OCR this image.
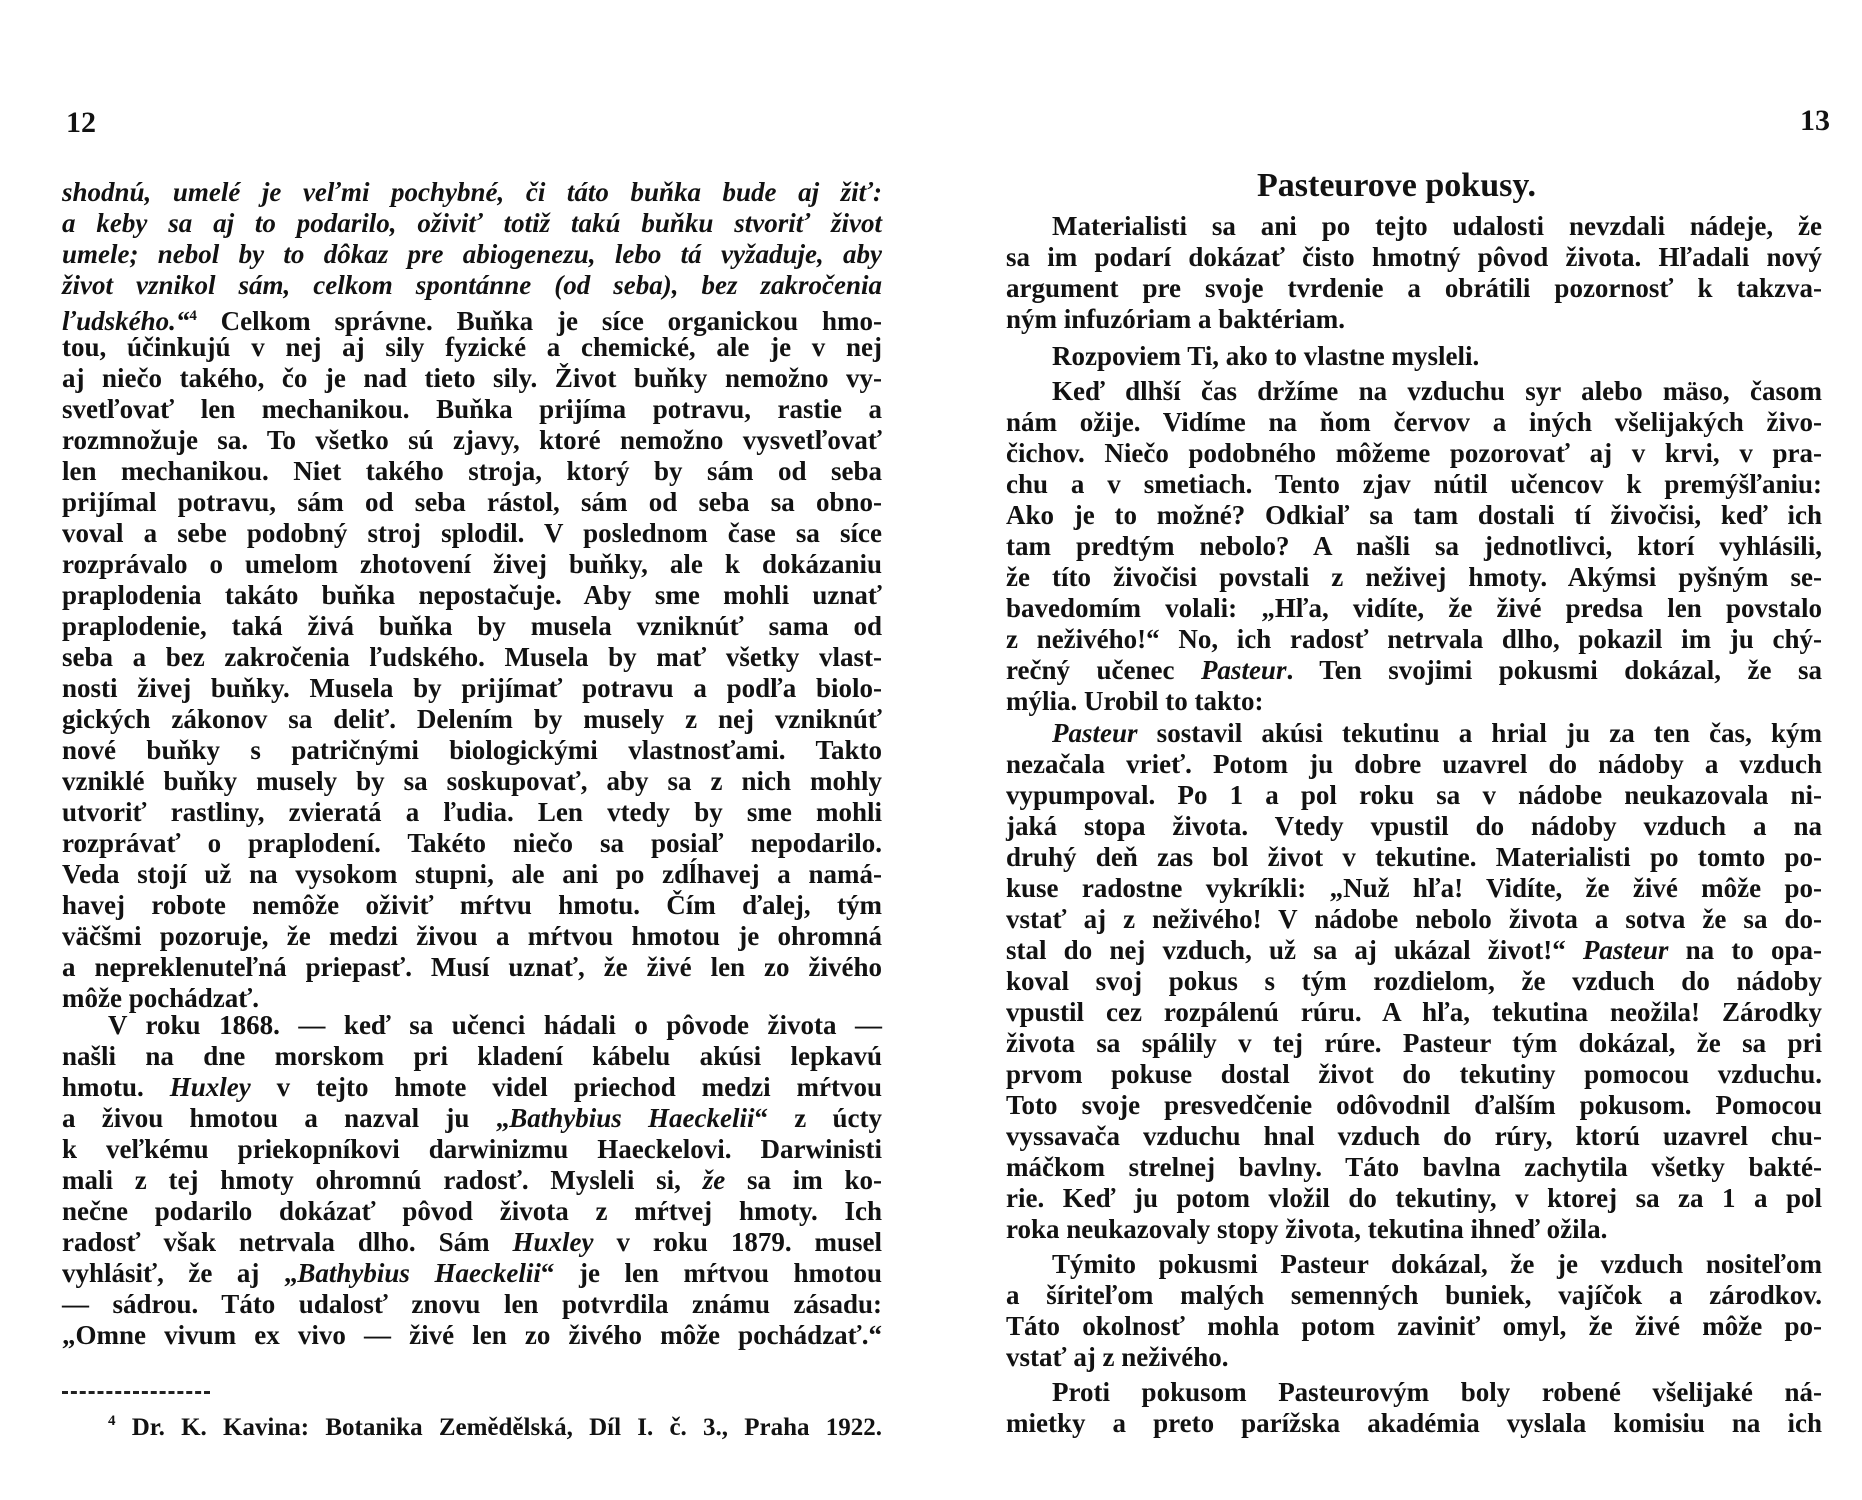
12
shodnú, umelé je veľmi pochybné, či táto buňka bude aj žiť:
a keby sa aj to podarilo, oživiť totiž takú buňku stvoriť život
umele; nebol by to dôkaz pre abiogenezu, lebo tá vyžaduje, aby
život vznikol sám, celkom spontánne (od seba), bez zakročenia
ľudského.“$^4$ Celkom správne. Buňka je síce organickou hmo-
tou, účinkujú v nej aj sily fyzické a chemické, ale je v nej
aj niečo takého, čo je nad tieto sily. Život buňky nemožno vy-
svetľovať len mechanikou. Buňka prijíma potravu, rastie a
rozmnožuje sa. To všetko sú zjavy, ktoré nemožno vysvetľovať
len mechanikou. Niet takého stroja, ktorý by sám od seba
prijímal potravu, sám od seba rástol, sám od seba sa obno-
voval a sebe podobný stroj splodil. V poslednom čase sa síce
rozprávalo o umelom zhotovení živej buňky, ale k dokázaniu
praplodenia takáto buňka nepostačuje. Aby sme mohli uznať
praplodenie, taká živá buňka by musela vzniknúť sama od
seba a bez zakročenia ľudského. Musela by mať všetky vlast-
nosti živej buňky. Musela by prijímať potravu a podľa biolo-
gických zákonov sa deliť. Delením by musely z nej vzniknúť
nové buňky s patričnými biologickými vlastnosťami. Takto
vzniklé buňky musely by sa soskupovať, aby sa z nich mohly
utvoriť rastliny, zvieratá a ľudia. Len vtedy by sme mohli
rozprávať o praplodení. Takéto niečo sa posiaľ nepodarilo.
Veda stojí už na vysokom stupni, ale ani po zdĺhavej a namá-
havej robote nemôže oživiť mŕtvu hmotu. Čím ďalej, tým
väčšmi pozoruje, že medzi živou a mŕtvou hmotou je ohromná
a nepreklenuteľná priepasť. Musí uznať, že živé len zo živého
môže pochádzať.
V roku 1868. — keď sa učenci hádali o pôvode života —
našli na dne morskom pri kladení kábelu akúsi lepkavú
hmotu. Huxley v tejto hmote videl priechod medzi mŕtvou
a živou hmotou a nazval ju „Bathybius Haeckelii“ z úcty
k veľkému priekopníkovi darwinizmu Haeckelovi. Darwinisti
mali z tej hmoty ohromnú radosť. Mysleli si, že sa im ko-
nečne podarilo dokázať pôvod života z mŕtvej hmoty. Ich
radosť však netrvala dlho. Sám Huxley v roku 1879. musel
vyhlásiť, že aj „Bathybius Haeckelii“ je len mŕtvou hmotou
— sádrou. Táto udalosť znovu len potvrdila známu zásadu:
„Omne vivum ex vivo — živé len zo živého môže pochádzať.“
$^4$ Dr. K. Kavina: Botanika Zemědělská, Díl I. č. 3., Praha 1922.
13
Pasteurove pokusy.
Materialisti sa ani po tejto udalosti nevzdali nádeje, že
sa im podarí dokázať čisto hmotný pôvod života. Hľadali nový
argument pre svoje tvrdenie a obrátili pozornosť k takzva-
ným infuzóriam a baktériam.
Rozpoviem Ti, ako to vlastne mysleli.
Keď dlhší čas držíme na vzduchu syr alebo mäso, časom
nám ožije. Vidíme na ňom červov a iných všelijakých živo-
čichov. Niečo podobného môžeme pozorovať aj v krvi, v pra-
chu a v smetiach. Tento zjav nútil učencov k premýšľaniu:
Ako je to možné? Odkiaľ sa tam dostali tí živočisi, keď ich
tam predtým nebolo? A našli sa jednotlivci, ktorí vyhlásili,
že títo živočisi povstali z neživej hmoty. Akýmsi pyšným se-
bavedomím volali: „Hľa, vidíte, že živé predsa len povstalo
z neživého!“ No, ich radosť netrvala dlho, pokazil im ju chý-
rečný učenec Pasteur. Ten svojimi pokusmi dokázal, že sa
mýlia. Urobil to takto:
Pasteur sostavil akúsi tekutinu a hrial ju za ten čas, kým
nezačala vrieť. Potom ju dobre uzavrel do nádoby a vzduch
vypumpoval. Po 1 a pol roku sa v nádobe neukazovala ni-
jaká stopa života. Vtedy vpustil do nádoby vzduch a na
druhý deň zas bol život v tekutine. Materialisti po tomto po-
kuse radostne vykríkli: „Nuž hľa! Vidíte, že živé môže po-
vstať aj z neživého! V nádobe nebolo života a sotva že sa do-
stal do nej vzduch, už sa aj ukázal život!“ Pasteur na to opa-
koval svoj pokus s tým rozdielom, že vzduch do nádoby
vpustil cez rozpálenú rúru. A hľa, tekutina neožila! Zárodky
života sa spálily v tej rúre. Pasteur tým dokázal, že sa pri
prvom pokuse dostal život do tekutiny pomocou vzduchu.
Toto svoje presvedčenie odôvodnil ďalším pokusom. Pomocou
vyssavača vzduchu hnal vzduch do rúry, ktorú uzavrel chu-
máčkom strelnej bavlny. Táto bavlna zachytila všetky bakté-
rie. Keď ju potom vložil do tekutiny, v ktorej sa za 1 a pol
roka neukazovaly stopy života, tekutina ihneď ožila.
Týmito pokusmi Pasteur dokázal, že je vzduch nositeľom
a šíriteľom malých semenných buniek, vajíčok a zárodkov.
Táto okolnosť mohla potom zaviniť omyl, že živé môže po-
vstať aj z neživého.
Proti pokusom Pasteurovým boly robené všelijaké ná-
mietky a preto parížska akadémia vyslala komisiu na ich
